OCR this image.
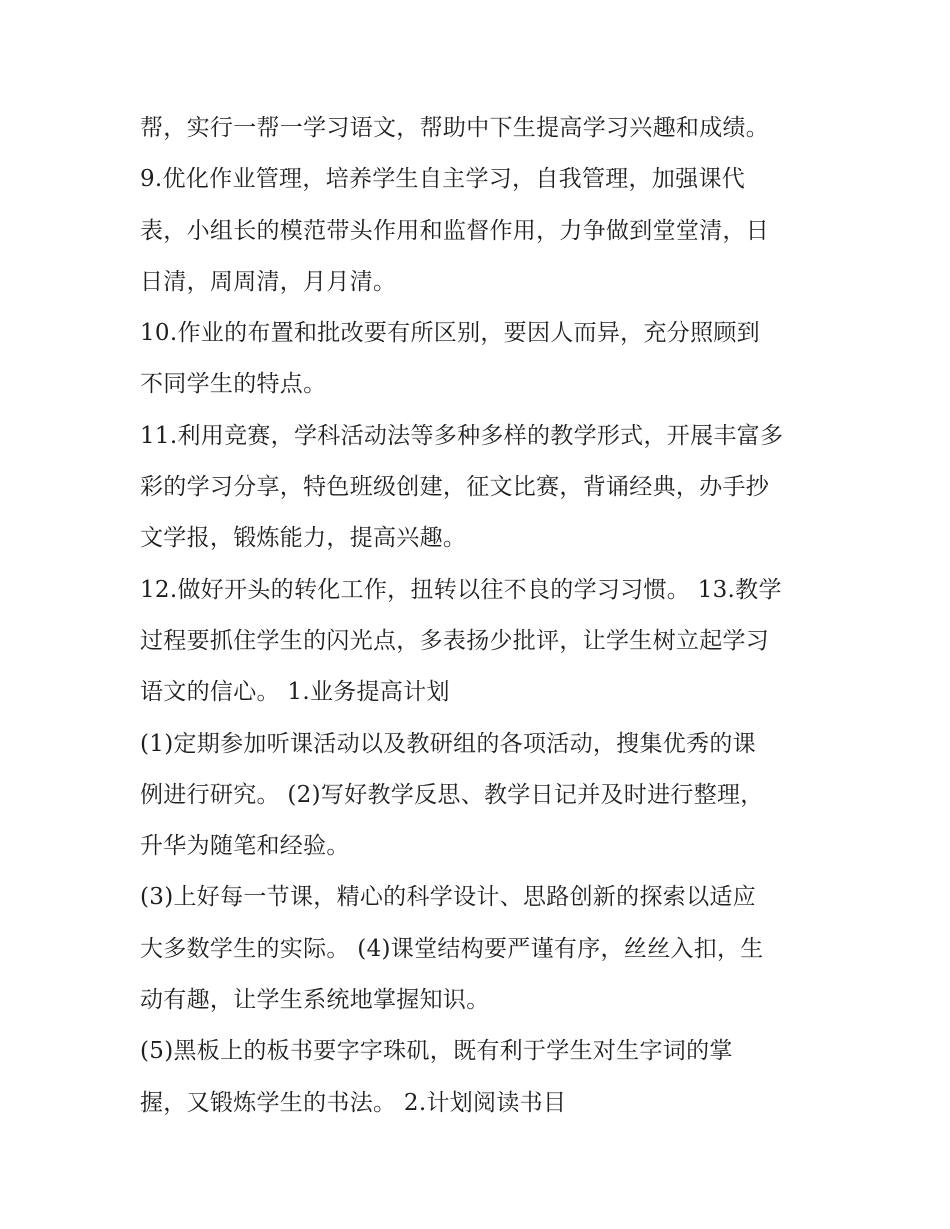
帮，实行一帮一学习语文，帮助中下生提高学习兴趣和成绩。
9.优化作业管理，培养学生自主学习，自我管理，加强课代
表，小组长的模范带头作用和监督作用，力争做到堂堂清，日
日清，周周清，月月清。
10.作业的布置和批改要有所区别，要因人而异，充分照顾到
不同学生的特点。
11.利用竞赛，学科活动法等多种多样的教学形式，开展丰富多
彩的学习分享，特色班级创建，征文比赛，背诵经典，办手抄
文学报，锻炼能力，提高兴趣。
12.做好开头的转化工作，扭转以往不良的学习习惯。 13.教学
过程要抓住学生的闪光点，多表扬少批评，让学生树立起学习
语文的信心。 1.业务提高计划
(1)定期参加听课活动以及教研组的各项活动，搜集优秀的课
例进行研究。 (2)写好教学反思、教学日记并及时进行整理，
升华为随笔和经验。
(3)上好每一节课，精心的科学设计、思路创新的探索以适应
大多数学生的实际。 (4)课堂结构要严谨有序，丝丝入扣，生
动有趣，让学生系统地掌握知识。
(5)黑板上的板书要字字珠矶，既有利于学生对生字词的掌
握，又锻炼学生的书法。 2.计划阅读书目
